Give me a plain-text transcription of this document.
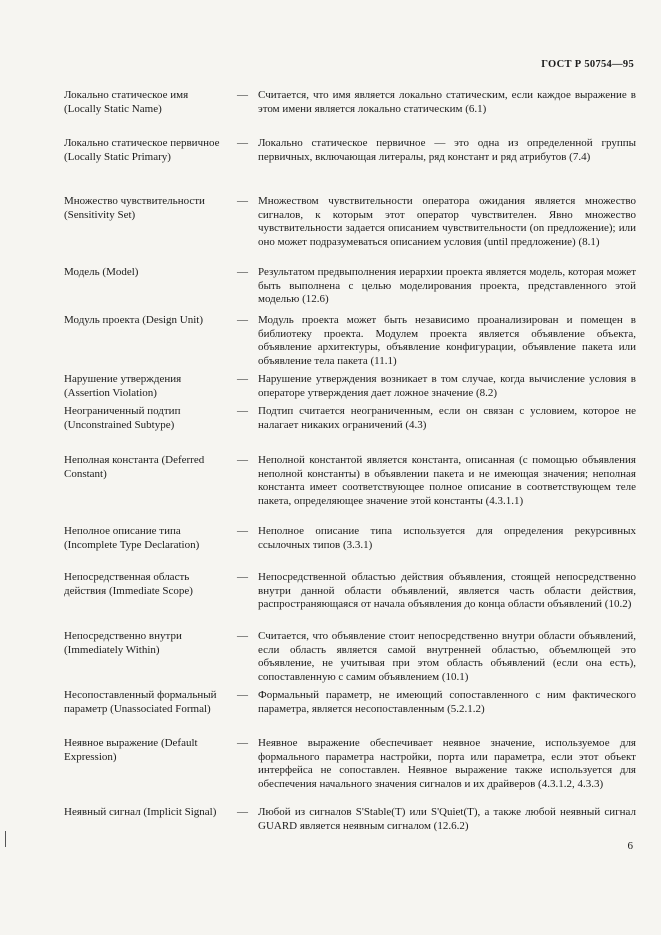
ГОСТ Р 50754—95
Локально статическое имя (Locally Static Name)
— Считается, что имя является локально статическим, если каждое выражение в этом имени является локально статическим (6.1)
Локально статическое первичное (Locally Static Primary)
— Локально статическое первичное — это одна из определенной группы первичных, включающая литералы, ряд констант и ряд атрибутов (7.4)
Множество чувствительности (Sensitivity Set)
— Множеством чувствительности оператора ожидания является множество сигналов, к которым этот оператор чувствителен. Явно множество чувствительности задается описанием чувствительности (on предложение); или оно может подразумеваться описанием условия (until предложение) (8.1)
Модель (Model)	— Результатом предвыполнения иерархии проекта является модель, которая может быть выполнена с целью моделирования проекта, представленного этой моделью (12.6)
Модуль проекта (Design Unit)	— Модуль проекта может быть независимо проанализирован и помещен в библиотеку проекта. Модулем проекта является объявление объекта, объявление архитектуры, объявление конфигурации, объявление пакета или объявление тела пакета (11.1)
Нарушение утверждения (Assertion Violation)
— Нарушение утверждения возникает в том случае, когда вычисление условия в операторе утверждения дает ложное значение (8.2)
Неограниченный подтип (Unconstrained Subtype)
— Подтип считается неограниченным, если он связан с условием, которое не налагает никаких ограничений (4.3)
Неполная константа (Deferred Constant)
— Неполной константой является константа, описанная (с помощью объявления неполной константы) в объявлении пакета и не имеющая значения; неполная константа имеет соответствующее полное описание в соответствующем теле пакета, определяющее значение этой константы (4.3.1.1)
Неполное описание типа (Incomplete Type Declaration)
— Неполное описание типа используется для определения рекурсивных ссылочных типов (3.3.1)
Непосредственная область действия (Immediate Scope)
— Непосредственной областью действия объявления, стоящей непосредственно внутри данной области объявлений, является часть области действия, распространяющаяся от начала объявления до конца области объявлений (10.2)
Непосредственно внутри (Immediately Within)
— Считается, что объявление стоит непосредственно внутри области объявлений, если область является самой внутренней областью, объемлющей это объявление, не учитывая при этом область объявлений (если она есть), сопоставленную с самим объявлением (10.1)
Несопоставленный формальный параметр (Unassociated Formal)
— Формальный параметр, не имеющий сопоставленного с ним фактического параметра, является несопоставленным (5.2.1.2)
Неявное выражение (Default Expression)
— Неявное выражение обеспечивает неявное значение, используемое для формального параметра настройки, порта или параметра, если этот объект интерфейса не сопоставлен. Неявное выражение также используется для обеспечения начального значения сигналов и их драйверов (4.3.1.2, 4.3.3)
Неявный сигнал (Implicit Signal)	— Любой из сигналов S'Stable(T) или S'Quiet(T), а также любой неявный сигнал GUARD является неявным сигналом (12.6.2)
6
